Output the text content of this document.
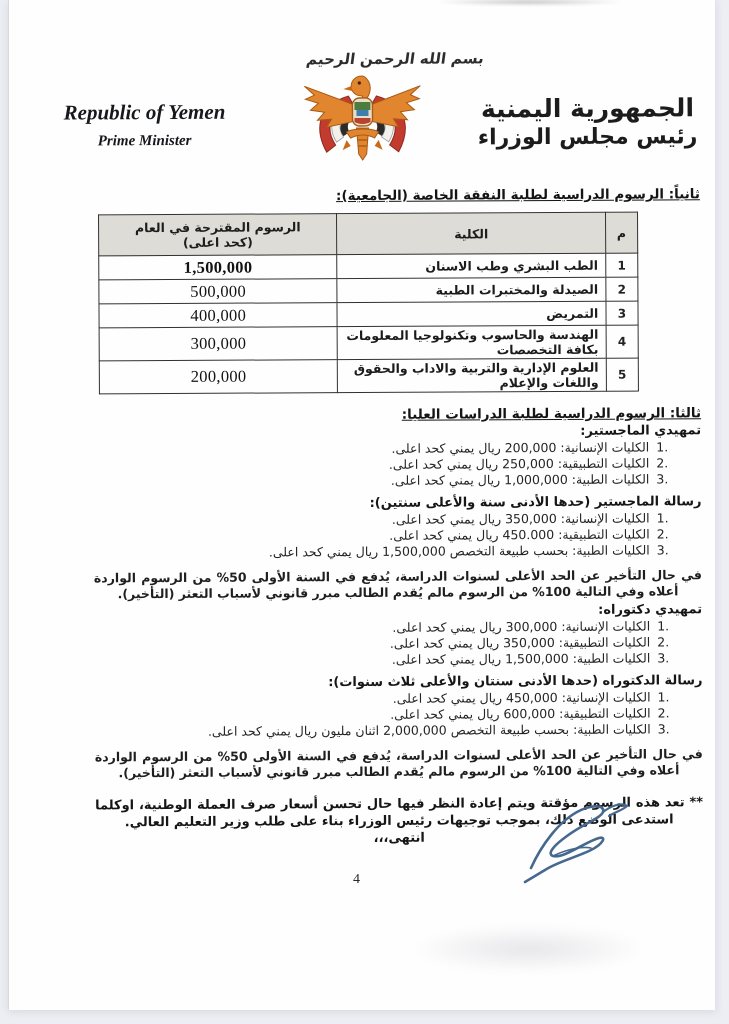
بسم الله الرحمن الرحيم
الجمهورية اليمنية
رئيس مجلس الوزراء
Republic of Yemen
Prime Minister
ثانياً: الرسوم الدراسية لطلبة النفقة الخاصة (الجامعية):
م	الكلية	الرسوم المقترحة في العام
(كحد اعلى)
1	الطب البشري وطب الاسنان	1,500,000
2	الصيدلة والمختبرات الطبية	500,000
3	التمريض	400,000
4	الهندسة والحاسوب وتكنولوجيا المعلومات بكافة التخصصات	300,000
5	العلوم الإدارية والتربية والاداب والحقوق واللغات والإعلام	200,000
ثالثا: الرسوم الدراسية لطلبة الدراسات العليا:
تمهيدي الماجستير:
1.
الكليات الإنسانية: 200,000 ريال يمني كحد اعلى.
2.
الكليات التطبيقية: 250,000 ريال يمني كحد اعلى.
3.
الكليات الطبية: 1,000,000 ريال يمني كحد اعلى.
رسالة الماجستير (حدها الأدنى سنة والأعلى سنتين):
1.
الكليات الإنسانية: 350,000 ريال يمني كحد اعلى.
2.
الكليات التطبيقية: 450.000 ريال يمني كحد اعلى.
3.
الكليات الطبية: بحسب طبيعة التخصص 1,500,000 ريال يمني كحد اعلى.
في حال التأخير عن الحد الأعلى لسنوات الدراسة، يُدفع في السنة الأولى 50% من الرسوم الواردة أعلاه وفي التالية 100% من الرسوم مالم يُقدم الطالب مبرر قانوني لأسباب التعثر (التأخير).
تمهيدي دكتوراه:
1.
الكليات الإنسانية: 300,000 ريال يمني كحد اعلى.
2.
الكليات التطبيقية: 350,000 ريال يمني كحد اعلى.
3.
الكليات الطبية: 1,500,000 ريال يمني كحد اعلى.
رسالة الدكتوراه (حدها الأدنى سنتان والأعلى ثلاث سنوات):
1.
الكليات الإنسانية: 450,000 ريال يمني كحد اعلى.
2.
الكليات التطبيقية: 600,000 ريال يمني كحد اعلى.
3.
الكليات الطبية: بحسب طبيعة التخصص 2,000,000 اثنان مليون ريال يمني كحد اعلى.
في حال التأخير عن الحد الأعلى لسنوات الدراسة، يُدفع في السنة الأولى 50% من الرسوم الواردة أعلاه وفي التالية 100% من الرسوم مالم يُقدم الطالب مبرر قانوني لأسباب التعثر (التأخير).
** تعد هذه الرسوم مؤقتة ويتم إعادة النظر فيها حال تحسن أسعار صرف العملة الوطنية، اوكلما استدعى الوضع ذلك، بموجب توجيهات رئيس الوزراء بناء على طلب وزير التعليم العالي.
انتهى،،،
4
